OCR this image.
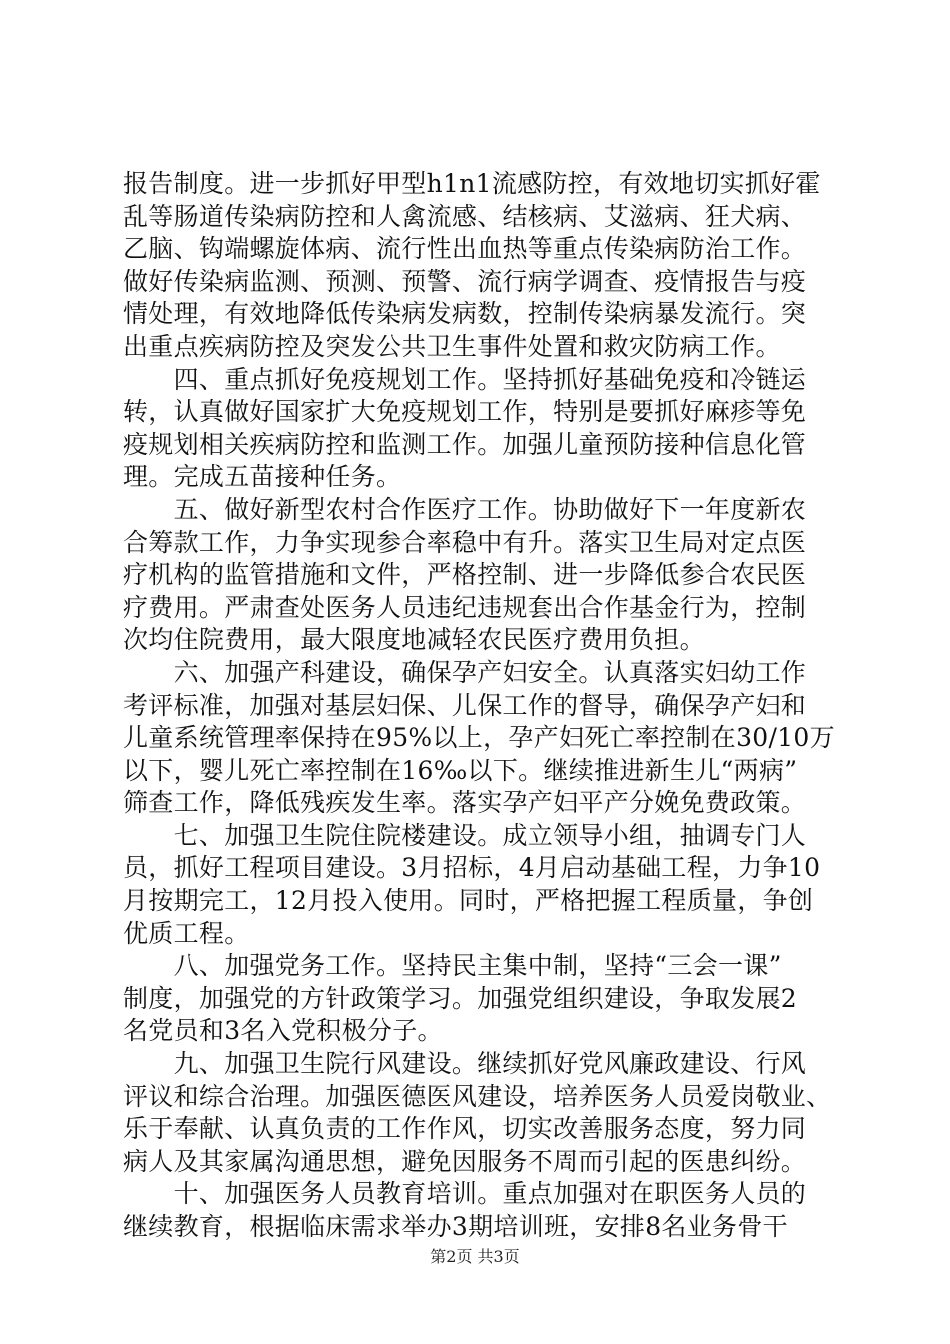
报告制度。进一步抓好甲型h1n1流感防控，有效地切实抓好霍
乱等肠道传染病防控和人禽流感、结核病、艾滋病、狂犬病、
乙脑、钩端螺旋体病、流行性出血热等重点传染病防治工作。
做好传染病监测、预测、预警、流行病学调查、疫情报告与疫
情处理，有效地降低传染病发病数，控制传染病暴发流行。突
出重点疾病防控及突发公共卫生事件处置和救灾防病工作。
　　四、重点抓好免疫规划工作。坚持抓好基础免疫和冷链运
转，认真做好国家扩大免疫规划工作，特别是要抓好麻疹等免
疫规划相关疾病防控和监测工作。加强儿童预防接种信息化管
理。完成五苗接种任务。
　　五、做好新型农村合作医疗工作。协助做好下一年度新农
合筹款工作，力争实现参合率稳中有升。落实卫生局对定点医
疗机构的监管措施和文件，严格控制、进一步降低参合农民医
疗费用。严肃查处医务人员违纪违规套出合作基金行为，控制
次均住院费用，最大限度地减轻农民医疗费用负担。
　　六、加强产科建设，确保孕产妇安全。认真落实妇幼工作
考评标准，加强对基层妇保、儿保工作的督导，确保孕产妇和
儿童系统管理率保持在95%以上，孕产妇死亡率控制在30/10万
以下，婴儿死亡率控制在16‰以下。继续推进新生儿“两病”
筛查工作，降低残疾发生率。落实孕产妇平产分娩免费政策。
　　七、加强卫生院住院楼建设。成立领导小组，抽调专门人
员，抓好工程项目建设。3月招标，4月启动基础工程，力争10
月按期完工，12月投入使用。同时，严格把握工程质量，争创
优质工程。
　　八、加强党务工作。坚持民主集中制，坚持“三会一课”
制度，加强党的方针政策学习。加强党组织建设，争取发展2
名党员和3名入党积极分子。
　　九、加强卫生院行风建设。继续抓好党风廉政建设、行风
评议和综合治理。加强医德医风建设，培养医务人员爱岗敬业、
乐于奉献、认真负责的工作作风，切实改善服务态度，努力同
病人及其家属沟通思想，避免因服务不周而引起的医患纠纷。
　　十、加强医务人员教育培训。重点加强对在职医务人员的
继续教育，根据临床需求举办3期培训班，安排8名业务骨干
第2页 共3页
